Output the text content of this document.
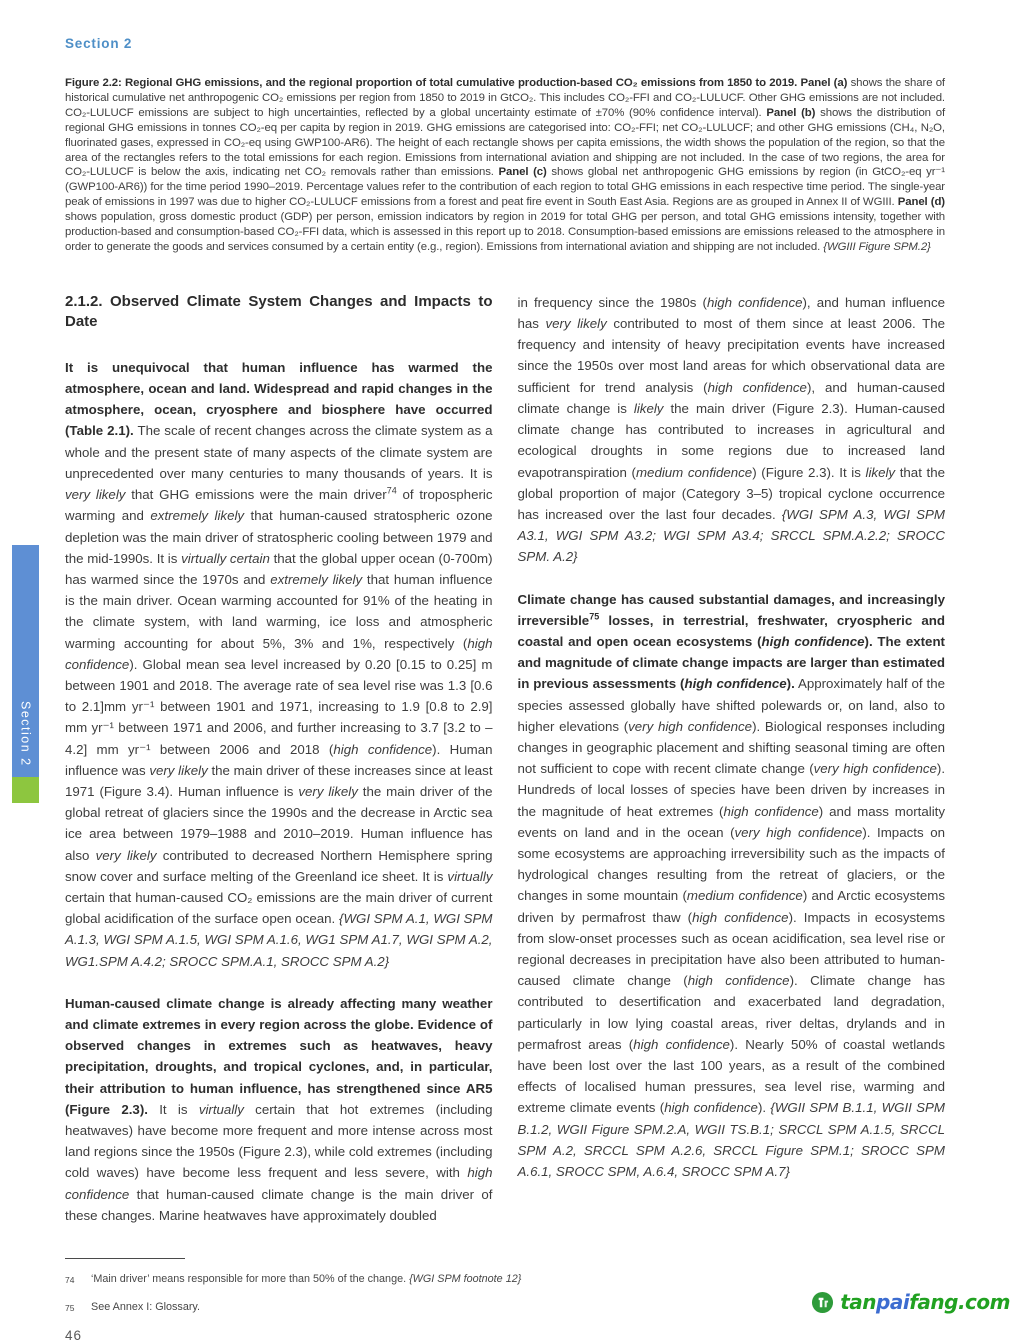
Section 2
Section 2

Figure 2.2: Regional GHG emissions, and the regional proportion of total cumulative production-based CO₂ emissions from 1850 to 2019. Panel (a) shows the share of historical cumulative net anthropogenic CO₂ emissions per region from 1850 to 2019 in GtCO₂. This includes CO₂-FFI and CO₂-LULUCF. Other GHG emissions are not included. CO₂-LULUCF emissions are subject to high uncertainties, reflected by a global uncertainty estimate of ±70% (90% confidence interval). Panel (b) shows the distribution of regional GHG emissions in tonnes CO₂-eq per capita by region in 2019. GHG emissions are categorised into: CO₂-FFI; net CO₂-LULUCF; and other GHG emissions (CH₄, N₂O, fluorinated gases, expressed in CO₂-eq using GWP100-AR6). The height of each rectangle shows per capita emissions, the width shows the population of the region, so that the area of the rectangles refers to the total emissions for each region. Emissions from international aviation and shipping are not included. In the case of two regions, the area for CO₂-LULUCF is below the axis, indicating net CO₂ removals rather than emissions. Panel (c) shows global net anthropogenic GHG emissions by region (in GtCO₂-eq yr⁻¹ (GWP100-AR6)) for the time period 1990–2019. Percentage values refer to the contribution of each region to total GHG emissions in each respective time period. The single-year peak of emissions in 1997 was due to higher CO₂-LULUCF emissions from a forest and peat fire event in South East Asia. Regions are as grouped in Annex II of WGIII. Panel (d) shows population, gross domestic product (GDP) per person, emission indicators by region in 2019 for total GHG per person, and total GHG emissions intensity, together with production-based and consumption-based CO₂-FFI data, which is assessed in this report up to 2018. Consumption-based emissions are emissions released to the atmosphere in order to generate the goods and services consumed by a certain entity (e.g., region). Emissions from international aviation and shipping are not included. {WGIII Figure SPM.2}

2.1.2. Observed Climate System Changes and Impacts to Date

It is unequivocal that human influence has warmed the atmosphere, ocean and land. Widespread and rapid changes in the atmosphere, ocean, cryosphere and biosphere have occurred (Table 2.1). The scale of recent changes across the climate system as a whole and the present state of many aspects of the climate system are unprecedented over many centuries to many thousands of years. It is very likely that GHG emissions were the main driver$^{74}$ of tropospheric warming and extremely likely that human-caused stratospheric ozone depletion was the main driver of stratospheric cooling between 1979 and the mid-1990s. It is virtually certain that the global upper ocean (0-700m) has warmed since the 1970s and extremely likely that human influence is the main driver. Ocean warming accounted for 91% of the heating in the climate system, with land warming, ice loss and atmospheric warming accounting for about 5%, 3% and 1%, respectively (high confidence). Global mean sea level increased by 0.20 [0.15 to 0.25] m between 1901 and 2018. The average rate of sea level rise was 1.3 [0.6 to 2.1]mm yr⁻¹ between 1901 and 1971, increasing to 1.9 [0.8 to 2.9] mm yr⁻¹ between 1971 and 2006, and further increasing to 3.7 [3.2 to –4.2] mm yr⁻¹ between 2006 and 2018 (high confidence). Human influence was very likely the main driver of these increases since at least 1971 (Figure 3.4). Human influence is very likely the main driver of the global retreat of glaciers since the 1990s and the decrease in Arctic sea ice area between 1979–1988 and 2010–2019. Human influence has also very likely contributed to decreased Northern Hemisphere spring snow cover and surface melting of the Greenland ice sheet. It is virtually certain that human-caused CO₂ emissions are the main driver of current global acidification of the surface open ocean. {WGI SPM A.1, WGI SPM A.1.3, WGI SPM A.1.5, WGI SPM A.1.6, WG1 SPM A1.7, WGI SPM A.2, WG1.SPM A.4.2; SROCC SPM.A.1, SROCC SPM A.2}

Human-caused climate change is already affecting many weather and climate extremes in every region across the globe. Evidence of observed changes in extremes such as heatwaves, heavy precipitation, droughts, and tropical cyclones, and, in particular, their attribution to human influence, has strengthened since AR5 (Figure 2.3). It is virtually certain that hot extremes (including heatwaves) have become more frequent and more intense across most land regions since the 1950s (Figure 2.3), while cold extremes (including cold waves) have become less frequent and less severe, with high confidence that human-caused climate change is the main driver of these changes. Marine heatwaves have approximately doubled

in frequency since the 1980s (high confidence), and human influence has very likely contributed to most of them since at least 2006. The frequency and intensity of heavy precipitation events have increased since the 1950s over most land areas for which observational data are sufficient for trend analysis (high confidence), and human-caused climate change is likely the main driver (Figure 2.3). Human-caused climate change has contributed to increases in agricultural and ecological droughts in some regions due to increased land evapotranspiration (medium confidence) (Figure 2.3). It is likely that the global proportion of major (Category 3–5) tropical cyclone occurrence has increased over the last four decades. {WGI SPM A.3, WGI SPM A3.1, WGI SPM A3.2; WGI SPM A3.4; SRCCL SPM.A.2.2; SROCC SPM. A.2}

Climate change has caused substantial damages, and increasingly irreversible$^{75}$ losses, in terrestrial, freshwater, cryospheric and coastal and open ocean ecosystems (high confidence). The extent and magnitude of climate change impacts are larger than estimated in previous assessments (high confidence). Approximately half of the species assessed globally have shifted polewards or, on land, also to higher elevations (very high confidence). Biological responses including changes in geographic placement and shifting seasonal timing are often not sufficient to cope with recent climate change (very high confidence). Hundreds of local losses of species have been driven by increases in the magnitude of heat extremes (high confidence) and mass mortality events on land and in the ocean (very high confidence). Impacts on some ecosystems are approaching irreversibility such as the impacts of hydrological changes resulting from the retreat of glaciers, or the changes in some mountain (medium confidence) and Arctic ecosystems driven by permafrost thaw (high confidence). Impacts in ecosystems from slow-onset processes such as ocean acidification, sea level rise or regional decreases in precipitation have also been attributed to human-caused climate change (high confidence). Climate change has contributed to desertification and exacerbated land degradation, particularly in low lying coastal areas, river deltas, drylands and in permafrost areas (high confidence). Nearly 50% of coastal wetlands have been lost over the last 100 years, as a result of the combined effects of localised human pressures, sea level rise, warming and extreme climate events (high confidence). {WGII SPM B.1.1, WGII SPM B.1.2, WGII Figure SPM.2.A, WGII TS.B.1; SRCCL SPM A.1.5, SRCCL SPM A.2, SRCCL SPM A.2.6, SRCCL Figure SPM.1; SROCC SPM A.6.1, SROCC SPM, A.6.4, SROCC SPM A.7}

74	‘Main driver’ means responsible for more than 50% of the change. {WGI SPM footnote 12}
75	See Annex I: Glossary.
46
tanpaifang.com
